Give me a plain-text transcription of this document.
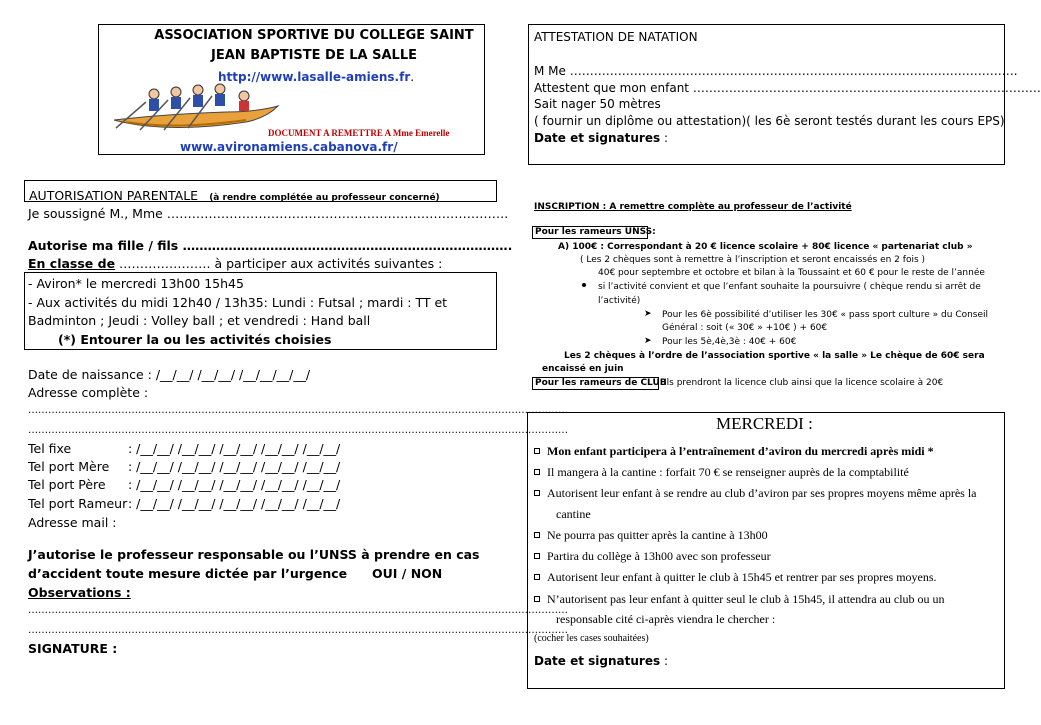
ASSOCIATION SPORTIVE DU COLLEGE SAINT
JEAN BAPTISTE DE LA SALLE
http://www.lasalle-amiens.fr.
DOCUMENT A REMETTRE A Mme Emerelle
www.avironamiens.cabanova.fr/
AUTORISATION PARENTALE (à rendre complétée au professeur concerné)
Je soussigné M., Mme ……………………………………………………………………….
Autorise ma fille / fils …………………………………………………………………….
En classe de …………………. à participer aux activités suivantes :
- Aviron* le mercredi 13h00 15h45
- Aux activités du midi 12h40 / 13h35: Lundi : Futsal ; mardi : TT et
Badminton ; Jeudi : Volley ball ; et vendredi : Hand ball
(*) Entourer la ou les activités choisies
Date de naissance : /__/__/ /__/__/ /__/__/__/__/
Adresse complète :
………………………………………………………………………………………………………………………………………………
………………………………………………………………………………………………………………………………………………
Tel fixe	: /__/__/ /__/__/ /__/__/ /__/__/ /__/__/
Tel port Mère : /__/__/ /__/__/ /__/__/ /__/__/ /__/__/
Tel port Père : /__/__/ /__/__/ /__/__/ /__/__/ /__/__/
Tel port Rameur : /__/__/ /__/__/ /__/__/ /__/__/ /__/__/
Adresse mail :
J’autorise le professeur responsable ou l’UNSS à prendre en cas
d’accident toute mesure dictée par l’urgence OUI / NON
Observations :
………………………………………………………………………………………………………………………………………………
………………………………………………………………………………………………………………………………………………
SIGNATURE :
ATTESTATION DE NATATION
M Me ………………………………………………………………………………………………….
Attestent que mon enfant ……………………………………………………………………………
Sait nager 50 mètres
( fournir un diplôme ou attestation)( les 6è seront testés durant les cours EPS)
Date et signatures :
INSCRIPTION : A remettre complète au professeur de l’activité
Pour les rameurs UNSS:
A) 100€ : Correspondant à 20 € licence scolaire + 80€ licence « partenariat club »
( Les 2 chèques sont à remettre à l’inscription et seront encaissés en 2 fois )
40€ pour septembre et octobre et bilan à la Toussaint et 60 € pour le reste de l’année
si l’activité convient et que l’enfant souhaite la poursuivre ( chèque rendu si arrêt de
l’activité)
➤ Pour les 6è possibilité d’utiliser les 30€ « pass sport culture » du Conseil
Général : soit (« 30€ » +10€ ) + 60€
➤ Pour les 5è,4è,3è : 40€ + 60€
Les 2 chèques à l’ordre de l’association sportive « la salle » Le chèque de 60€ sera
encaissé en juin
Pour les rameurs de CLUB
Ils prendront la licence club ainsi que la licence scolaire à 20€
MERCREDI :
Mon enfant participera à l’entraînement d’aviron du mercredi après midi *
Il mangera à la cantine : forfait 70 € se renseigner auprès de la comptabilité
Autorisent leur enfant à se rendre au club d’aviron par ses propres moyens même après la
cantine
Ne pourra pas quitter après la cantine à 13h00
Partira du collège à 13h00 avec son professeur
Autorisent leur enfant à quitter le club à 15h45 et rentrer par ses propres moyens.
N’autorisent pas leur enfant à quitter seul le club à 15h45, il attendra au club ou un
responsable cité ci-après viendra le chercher :
(cocher les cases souhaitées)
Date et signatures :
